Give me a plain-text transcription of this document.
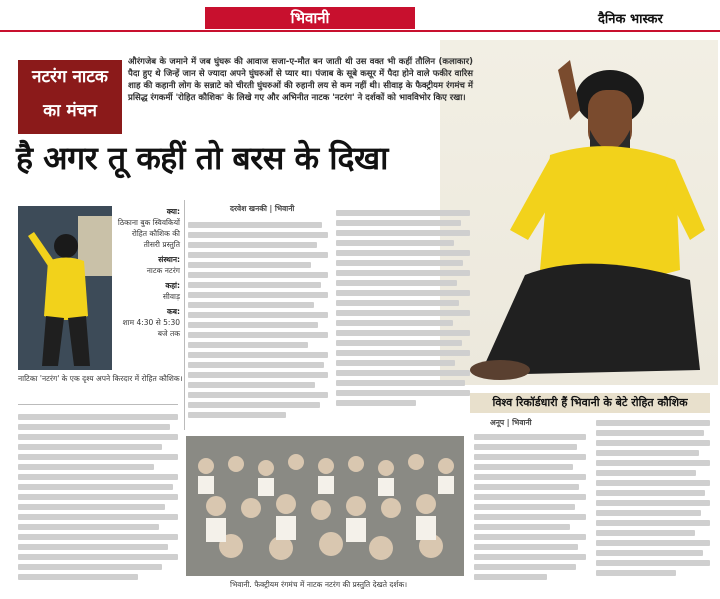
भिवानी	दैनिक भास्कर
नटरंग नाटक
का मंचन
औरंगजेब के जमाने में जब घुंघरू की आवाज सजा-ए-मौत बन जाती थी उस वक्त भी कहीं तौलिन (कलाकार) पैदा हुए थे जिन्हें जान से ज्यादा अपने घुंघरुओं से प्यार था। पंजाब के सूबे कसूर में पैदा होने वाले फकीर वारिस शाह की कहानी लोग के सन्नाटे को चीरती घुंघरुओं की रुहानी लय से कम नहीं थी। सीवाड़ के फैक्ट्रीयम रंगमंच में प्रसिद्ध रंगकर्मी 'रोहित कौशिक' के लिखे गए और अभिनीत नाटक 'नटरंग' ने दर्शकों को भावविभोर किए रखा।
है अगर तू कहीं तो बरस के दिखा
नाटिका 'नटरंग' के एक दृश्य अपने किरदार में रोहित कौशिक।
क्या:
ठिकाना बुक स्विवकियों रोहित कौशिक की तीसरी प्रस्तुति
संस्थान:
नाटक नटरंग
कहां:
सीवाड़
कब:
शाम 4:30 से 5:30 बजे तक
दरवेश खनकी | भिवानी
भिवानी. फैक्ट्रीयम रंगमंच में नाटक नटरंग की प्रस्तुति देखते दर्शक।
विश्व रिकॉर्डधारी हैं भिवानी के बेटे रोहित कौशिक
अनूप | भिवानी
